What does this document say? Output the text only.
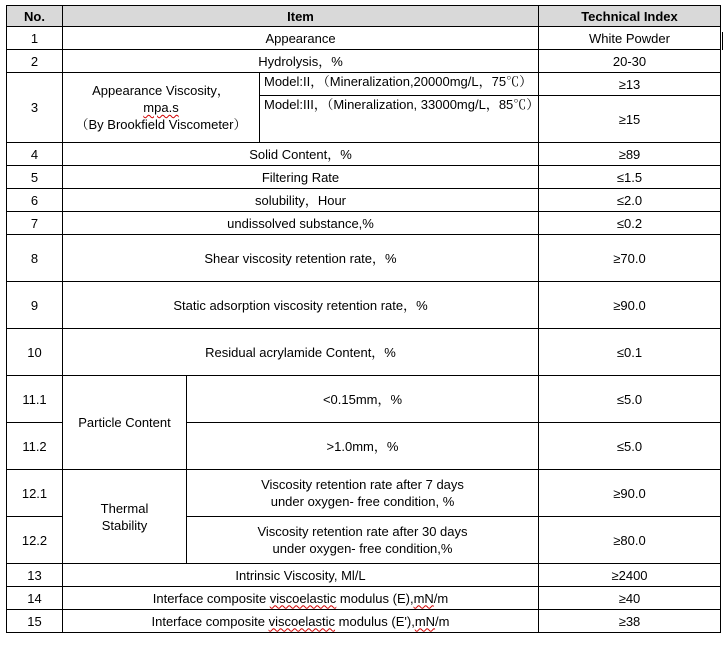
No.	Item			Technical Index
1	Appearance			White Powder
2	Hydrolysis，%			20-30
3	Appearance Viscosity，
mpa.s
（By Brookfield Viscometer）		Model:II，（Mineralization,20000mg/L，75℃）	≥13
			Model:III，（Mineralization, 33000mg/L，85℃）	≥15
4	Solid Content，%			≥89
5	Filtering Rate			≤1.5
6	solubility，Hour			≤2.0
7	undissolved substance,%			≤0.2
8	Shear viscosity retention rate，%			≥70.0
9	Static adsorption viscosity retention rate，%			≥90.0
10	Residual acrylamide Content，%			≤0.1
11.1	Particle Content	<0.15mm，%		≤5.0
11.2		>1.0mm，%		≤5.0
12.1	Thermal
Stability	Viscosity retention rate after 7 days
under oxygen- free condition, %		≥90.0
12.2		Viscosity retention rate after 30 days
under oxygen- free condition,%		≥80.0
13	Intrinsic Viscosity, Ml/L			≥2400
14	Interface composite viscoelastic modulus (E),mN/m			≥40
15	Interface composite viscoelastic modulus (E'),mN/m			≥38
